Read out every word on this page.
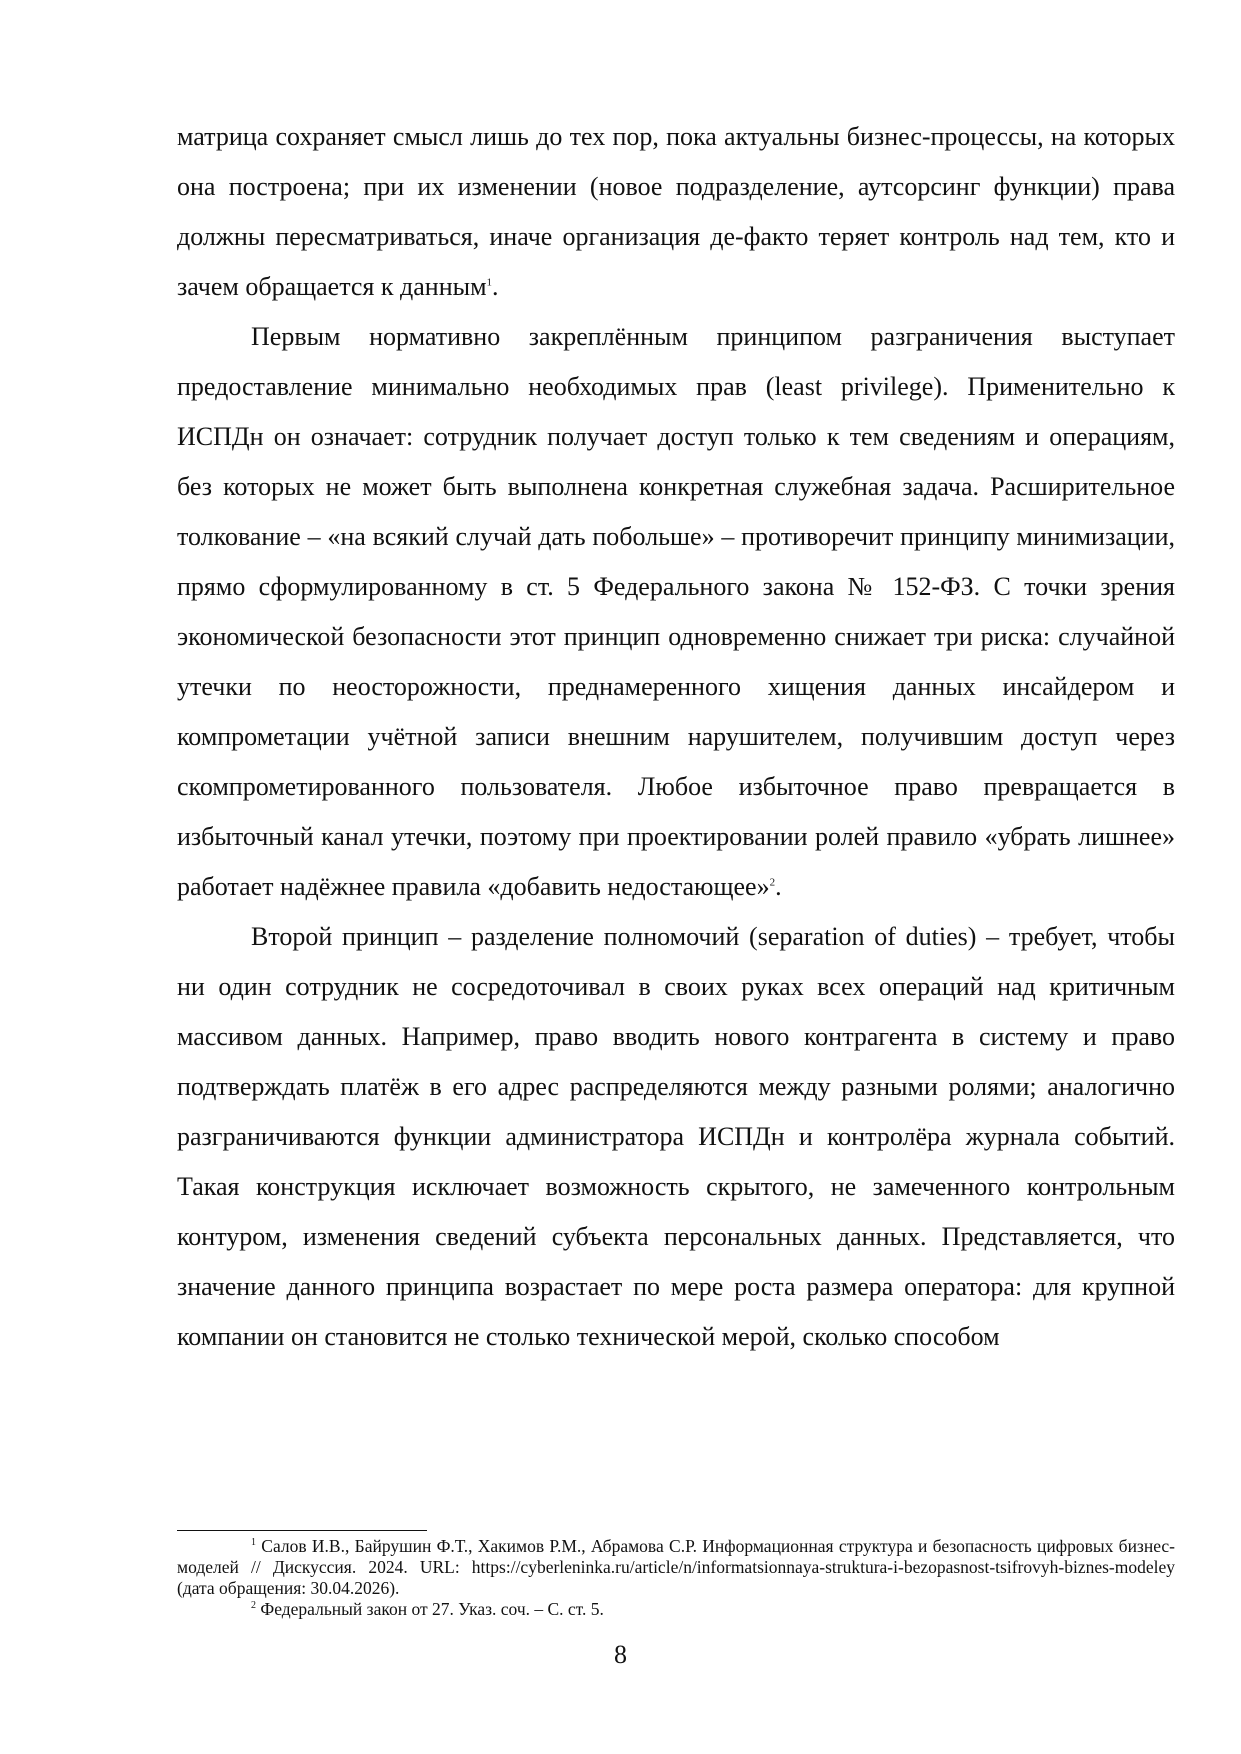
матрица сохраняет смысл лишь до тех пор, пока актуальны бизнес-процессы, на которых она построена; при их изменении (новое подразделение, аутсорсинг функции) права должны пересматриваться, иначе организация де-факто теряет контроль над тем, кто и зачем обращается к данным$^1$.

Первым нормативно закреплённым принципом разграничения выступает предоставление минимально необходимых прав (least privilege). Применительно к ИСПДн он означает: сотрудник получает доступ только к тем сведениям и операциям, без которых не может быть выполнена конкретная служебная задача. Расширительное толкование – «на всякий случай дать побольше» – противоречит принципу минимизации, прямо сформулированному в ст. 5 Федерального закона № 152-ФЗ. С точки зрения экономической безопасности этот принцип одновременно снижает три риска: случайной утечки по неосторожности, преднамеренного хищения данных инсайдером и компрометации учётной записи внешним нарушителем, получившим доступ через скомпрометированного пользователя. Любое избыточное право превращается в избыточный канал утечки, поэтому при проектировании ролей правило «убрать лишнее» работает надёжнее правила «добавить недостающее»$^2$.

Второй принцип – разделение полномочий (separation of duties) – требует, чтобы ни один сотрудник не сосредоточивал в своих руках всех операций над критичным массивом данных. Например, право вводить нового контрагента в систему и право подтверждать платёж в его адрес распределяются между разными ролями; аналогично разграничиваются функции администратора ИСПДн и контролёра журнала событий. Такая конструкция исключает возможность скрытого, не замеченного контрольным контуром, изменения сведений субъекта персональных данных. Представляется, что значение данного принципа возрастает по мере роста размера оператора: для крупной компании он становится не столько технической мерой, сколько способом

$^1$ Салов И.В., Байрушин Ф.Т., Хакимов Р.М., Абрамова С.Р. Информационная структура и безопасность цифровых бизнес-моделей // Дискуссия. 2024. URL: https://cyberleninka.ru/article/n/informatsionnaya-struktura-i-bezopasnost-tsifrovyh-biznes-modeley (дата обращения: 30.04.2026).

$^2$ Федеральный закон от 27. Указ. соч. – С. ст. 5.

8
